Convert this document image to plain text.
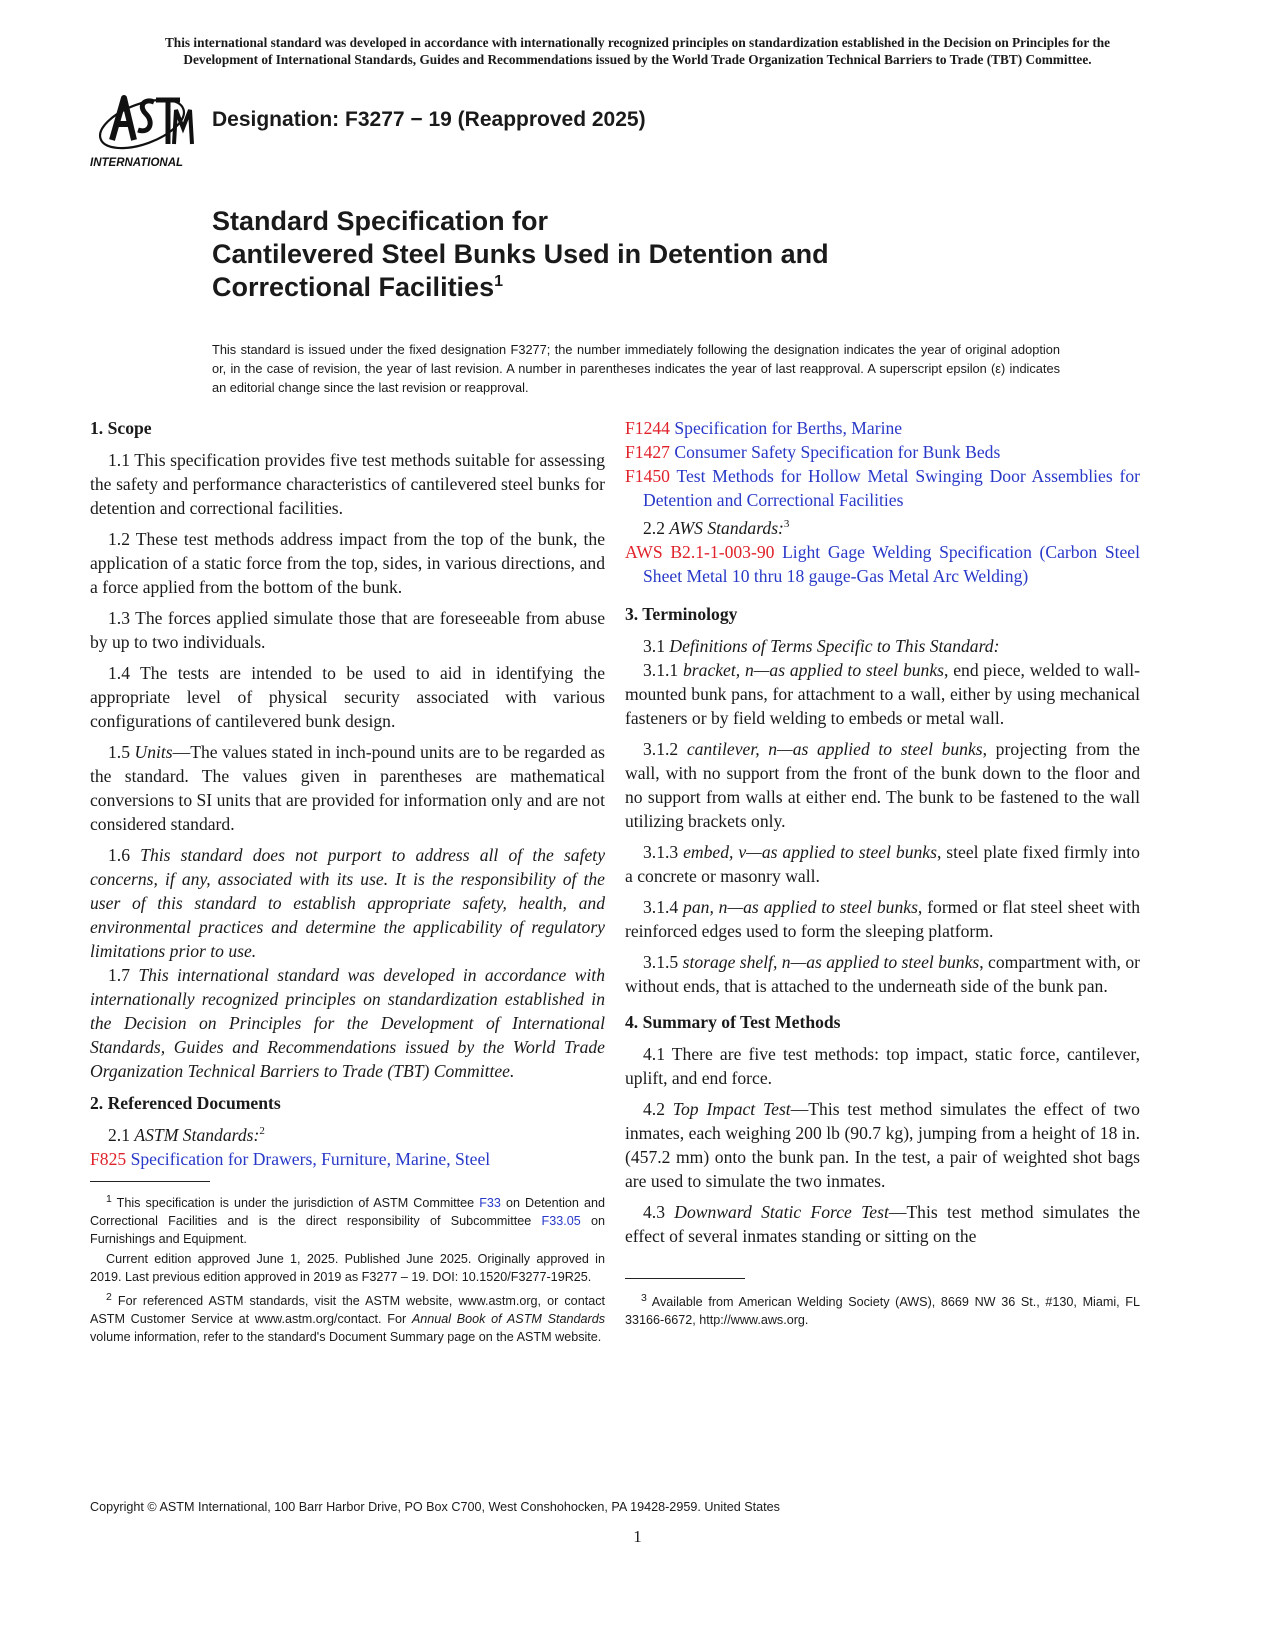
This international standard was developed in accordance with internationally recognized principles on standardization established in the Decision on Principles for the
Development of International Standards, Guides and Recommendations issued by the World Trade Organization Technical Barriers to Trade (TBT) Committee.
INTERNATIONAL
Designation: F3277 − 19 (Reapproved 2025)
Standard Specification for
Cantilevered Steel Bunks Used in Detention and
Correctional Facilities$^1$
This standard is issued under the fixed designation F3277; the number immediately following the designation indicates the year of original adoption or, in the case of revision, the year of last revision. A number in parentheses indicates the year of last reapproval. A superscript epsilon (ε) indicates an editorial change since the last revision or reapproval.
1. Scope

1.1 This specification provides five test methods suitable for assessing the safety and performance characteristics of cantilevered steel bunks for detention and correctional facilities.

1.2 These test methods address impact from the top of the bunk, the application of a static force from the top, sides, in various directions, and a force applied from the bottom of the bunk.

1.3 The forces applied simulate those that are foreseeable from abuse by up to two individuals.

1.4 The tests are intended to be used to aid in identifying the appropriate level of physical security associated with various configurations of cantilevered bunk design.

1.5 Units—The values stated in inch-pound units are to be regarded as the standard. The values given in parentheses are mathematical conversions to SI units that are provided for information only and are not considered standard.

1.6 This standard does not purport to address all of the safety concerns, if any, associated with its use. It is the responsibility of the user of this standard to establish appropriate safety, health, and environmental practices and determine the applicability of regulatory limitations prior to use.

1.7 This international standard was developed in accordance with internationally recognized principles on standardization established in the Decision on Principles for the Development of International Standards, Guides and Recommendations issued by the World Trade Organization Technical Barriers to Trade (TBT) Committee.

2. Referenced Documents

2.1 ASTM Standards:$^2$

F825 Specification for Drawers, Furniture, Marine, Steel

$^1$ This specification is under the jurisdiction of ASTM Committee F33 on Detention and Correctional Facilities and is the direct responsibility of Subcommittee F33.05 on Furnishings and Equipment.

Current edition approved June 1, 2025. Published June 2025. Originally approved in 2019. Last previous edition approved in 2019 as F3277 – 19. DOI: 10.1520/F3277-19R25.

$^2$ For referenced ASTM standards, visit the ASTM website, www.astm.org, or contact ASTM Customer Service at www.astm.org/contact. For Annual Book of ASTM Standards volume information, refer to the standard's Document Summary page on the ASTM website.

F1244 Specification for Berths, Marine

F1427 Consumer Safety Specification for Bunk Beds

F1450 Test Methods for Hollow Metal Swinging Door Assemblies for Detention and Correctional Facilities

2.2 AWS Standards:$^3$

AWS B2.1-1-003-90 Light Gage Welding Specification (Carbon Steel Sheet Metal 10 thru 18 gauge-Gas Metal Arc Welding)

3. Terminology

3.1 Definitions of Terms Specific to This Standard:

3.1.1 bracket, n—as applied to steel bunks, end piece, welded to wall-mounted bunk pans, for attachment to a wall, either by using mechanical fasteners or by field welding to embeds or metal wall.

3.1.2 cantilever, n—as applied to steel bunks, projecting from the wall, with no support from the front of the bunk down to the floor and no support from walls at either end. The bunk to be fastened to the wall utilizing brackets only.

3.1.3 embed, v—as applied to steel bunks, steel plate fixed firmly into a concrete or masonry wall.

3.1.4 pan, n—as applied to steel bunks, formed or flat steel sheet with reinforced edges used to form the sleeping platform.

3.1.5 storage shelf, n—as applied to steel bunks, compartment with, or without ends, that is attached to the underneath side of the bunk pan.

4. Summary of Test Methods

4.1 There are five test methods: top impact, static force, cantilever, uplift, and end force.

4.2 Top Impact Test—This test method simulates the effect of two inmates, each weighing 200 lb (90.7 kg), jumping from a height of 18 in. (457.2 mm) onto the bunk pan. In the test, a pair of weighted shot bags are used to simulate the two inmates.

4.3 Downward Static Force Test—This test method simulates the effect of several inmates standing or sitting on the

$^3$ Available from American Welding Society (AWS), 8669 NW 36 St., #130, Miami, FL 33166-6672, http://www.aws.org.

Copyright © ASTM International, 100 Barr Harbor Drive, PO Box C700, West Conshohocken, PA 19428-2959. United States
1
